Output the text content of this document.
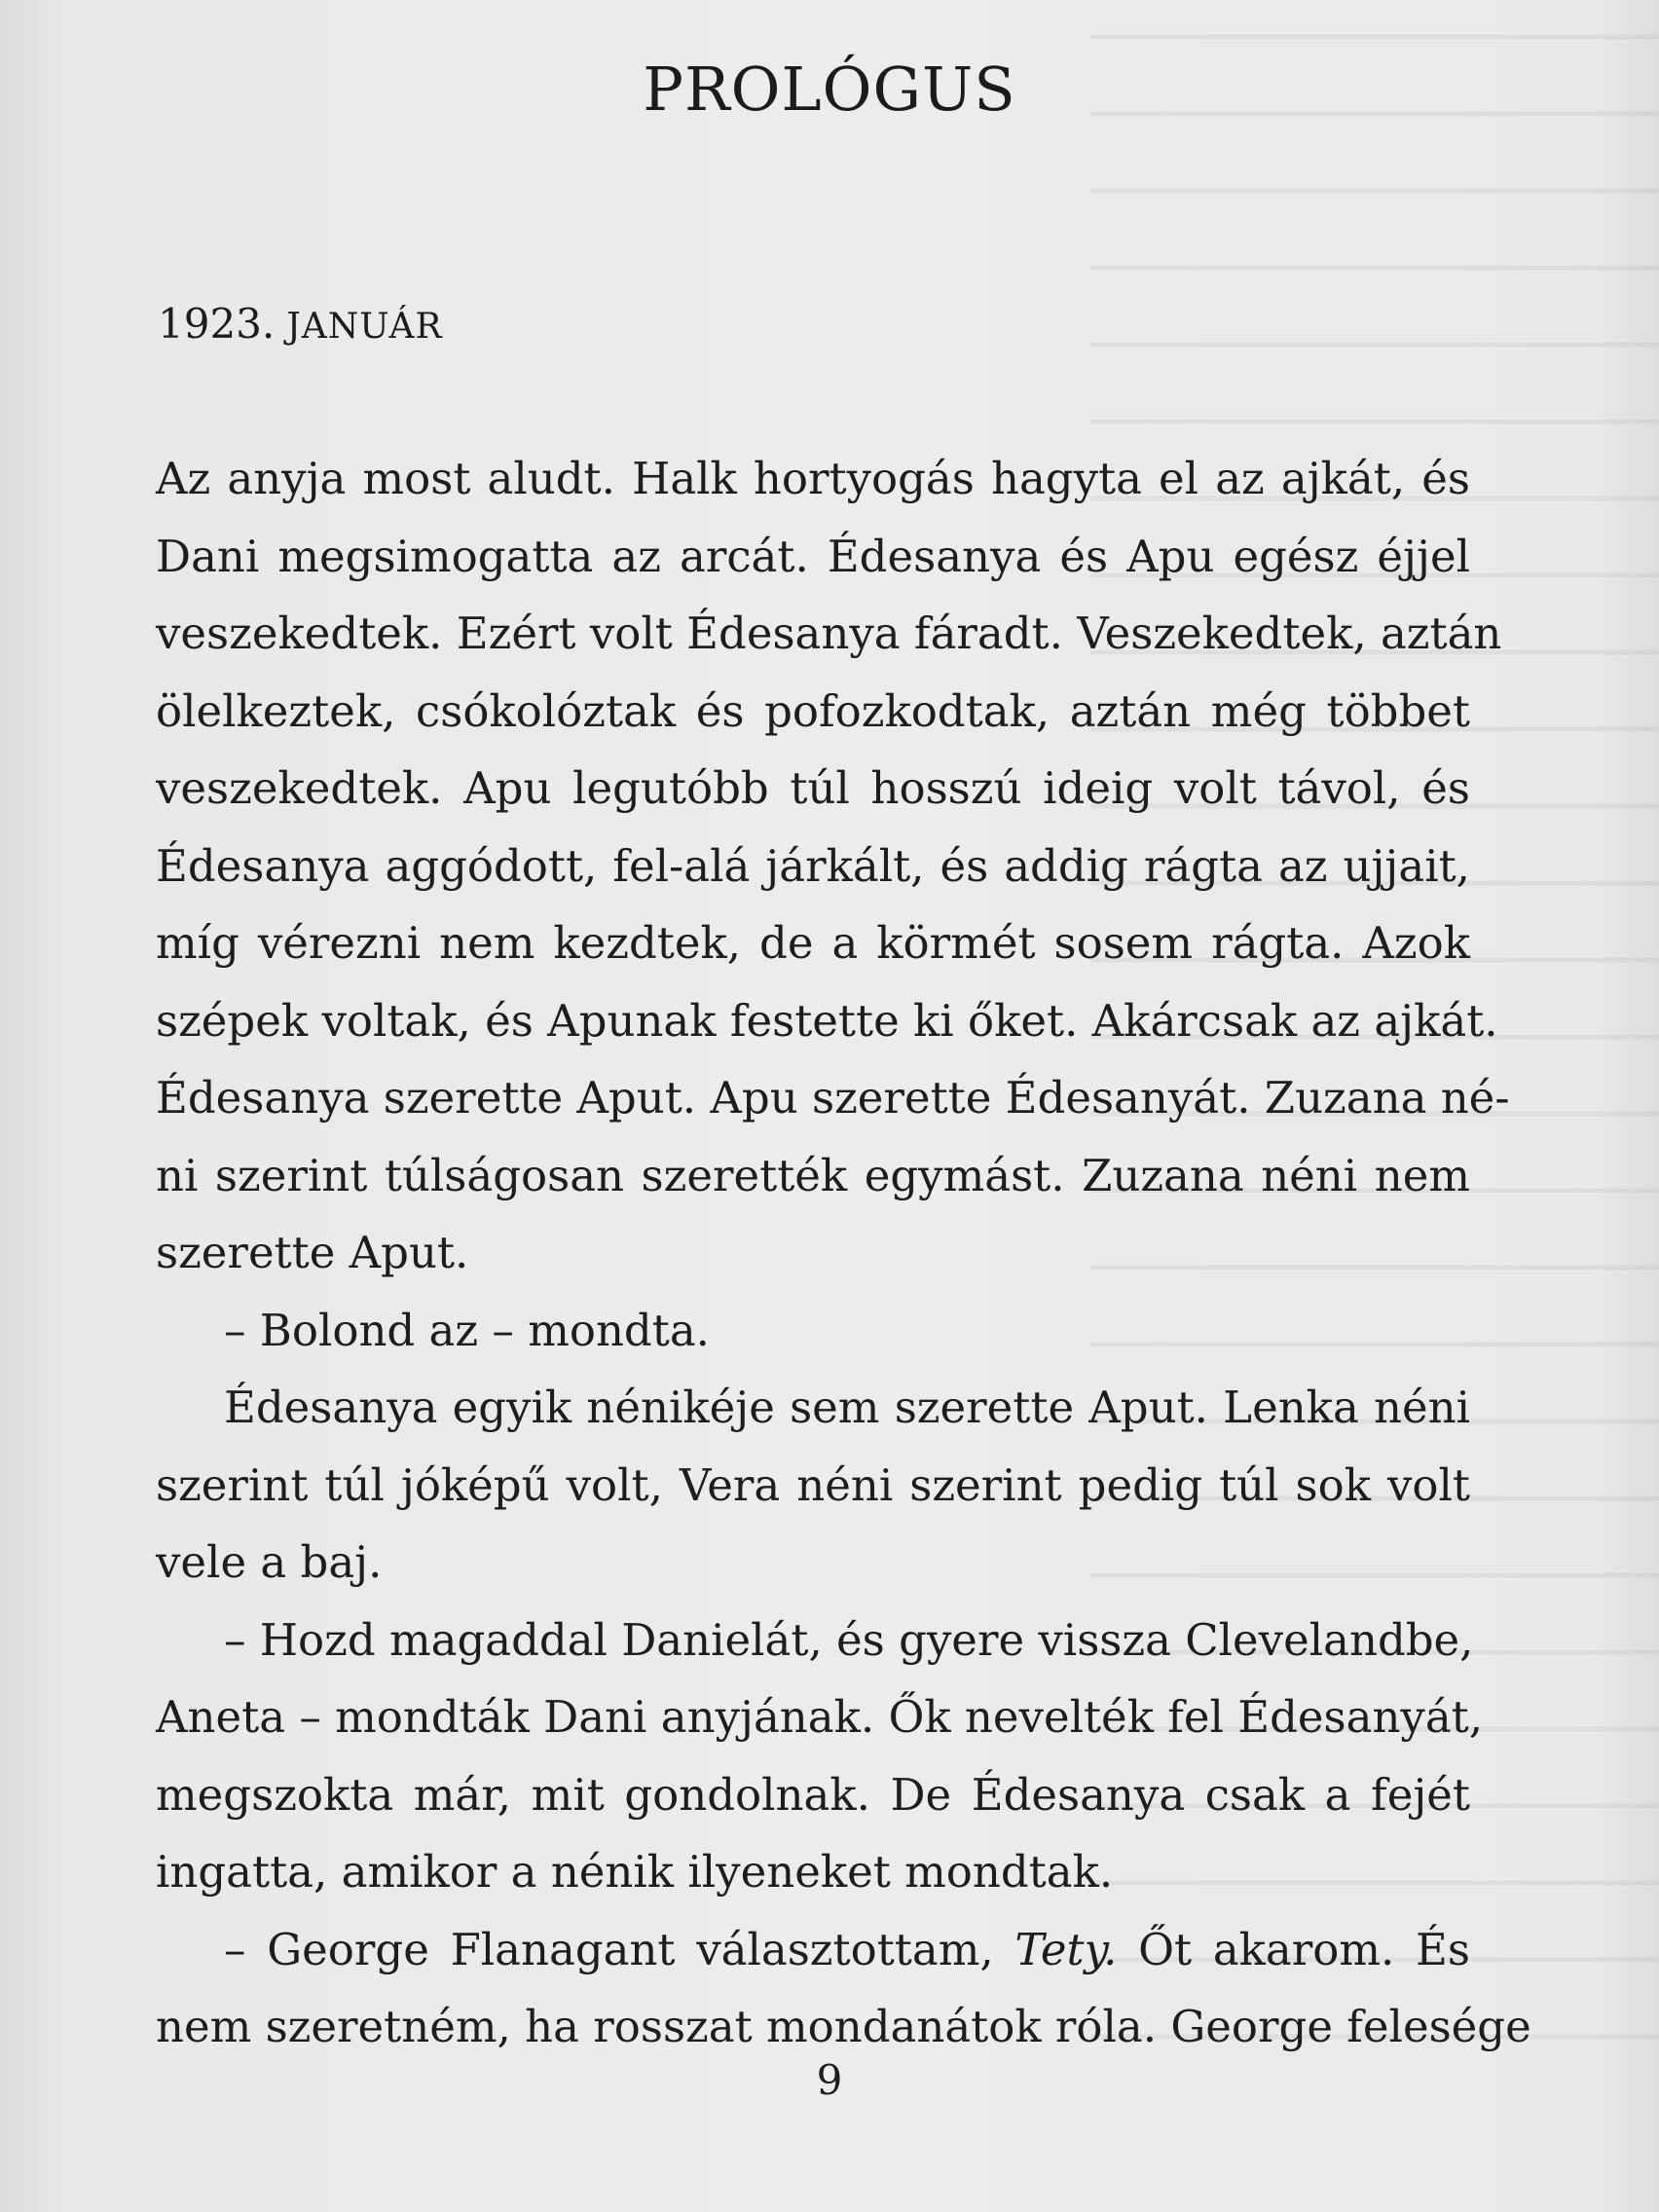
PROLÓGUS
1923. JANUÁR
Az anyja most aludt. Halk hortyogás hagyta el az ajkát, és
Dani megsimogatta az arcát. Édesanya és Apu egész éjjel
veszekedtek. Ezért volt Édesanya fáradt. Veszekedtek, aztán
ölelkeztek, csókolóztak és pofozkodtak, aztán még többet
veszekedtek. Apu legutóbb túl hosszú ideig volt távol, és
Édesanya aggódott, fel-alá járkált, és addig rágta az ujjait,
míg vérezni nem kezdtek, de a körmét sosem rágta. Azok
szépek voltak, és Apunak festette ki őket. Akárcsak az ajkát.
Édesanya szerette Aput. Apu szerette Édesanyát. Zuzana né-
ni szerint túlságosan szerették egymást. Zuzana néni nem
szerette Aput.
– Bolond az – mondta.
Édesanya egyik nénikéje sem szerette Aput. Lenka néni
szerint túl jóképű volt, Vera néni szerint pedig túl sok volt
vele a baj.
– Hozd magaddal Danielát, és gyere vissza Clevelandbe,
Aneta – mondták Dani anyjának. Ők nevelték fel Édesanyát,
megszokta már, mit gondolnak. De Édesanya csak a fejét
ingatta, amikor a nénik ilyeneket mondtak.
– George Flanagant választottam, Tety. Őt akarom. És
nem szeretném, ha rosszat mondanátok róla. George felesége
9
